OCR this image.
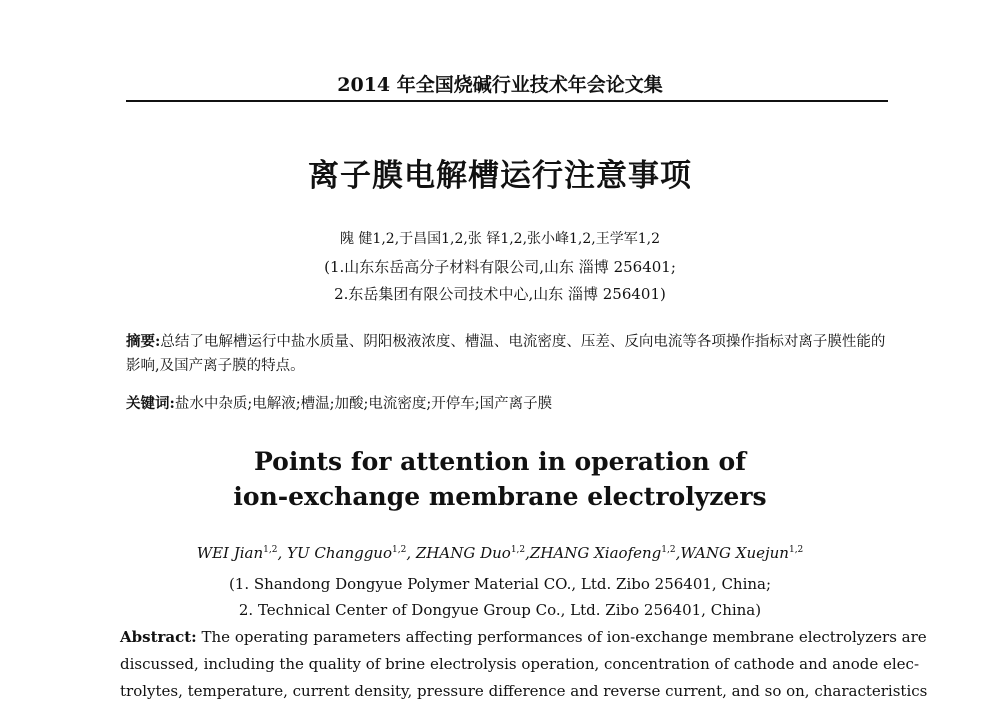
2014 年全国烧碱行业技术年会论文集
离子膜电解槽运行注意事项
隗 健1,2,于昌国1,2,张 铎1,2,张小峰1,2,王学军1,2
(1.山东东岳高分子材料有限公司,山东 淄博 256401;
2.东岳集团有限公司技术中心,山东 淄博 256401)
摘要:总结了电解槽运行中盐水质量、阴阳极液浓度、槽温、电流密度、压差、反向电流等各项操作指标对离子膜性能的影响,及国产离子膜的特点。
关键词:盐水中杂质;电解液;槽温;加酸;电流密度;开停车;国产离子膜
Points for attention in operation of
ion-exchange membrane electrolyzers
WEI Jian$^{1,2}$, YU Changguo$^{1,2}$, ZHANG Duo$^{1,2}$,ZHANG Xiaofeng$^{1,2}$,WANG Xuejun$^{1,2}$
(1. Shandong Dongyue Polymer Material CO., Ltd. Zibo 256401, China;
2. Technical Center of Dongyue Group Co., Ltd. Zibo 256401, China)
Abstract: The operating parameters affecting performances of ion-exchange membrane electrolyzers are
discussed, including the quality of brine electrolysis operation, concentration of cathode and anode elec-
trolytes, temperature, current density, pressure difference and reverse current, and so on, characteristics
